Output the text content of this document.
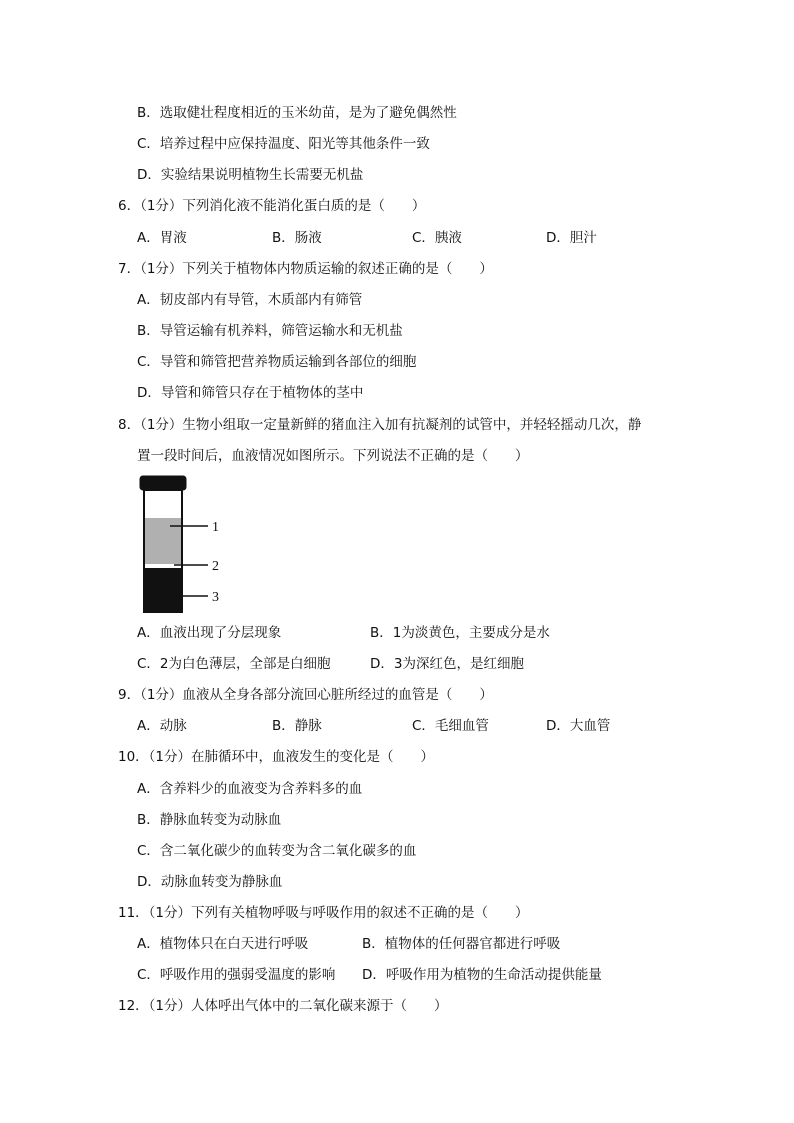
B．选取健壮程度相近的玉米幼苗，是为了避免偶然性
C．培养过程中应保持温度、阳光等其他条件一致
D．实验结果说明植物生长需要无机盐
6．（1分）下列消化液不能消化蛋白质的是（　　）
A．胃液	B．肠液	C．胰液	D．胆汁
7．（1分）下列关于植物体内物质运输的叙述正确的是（　　）
A．韧皮部内有导管，木质部内有筛管
B．导管运输有机养料，筛管运输水和无机盐
C．导管和筛管把营养物质运输到各部位的细胞
D．导管和筛管只存在于植物体的茎中
8．（1分）生物小组取一定量新鲜的猪血注入加有抗凝剂的试管中，并轻轻摇动几次，静
置一段时间后，血液情况如图所示。下列说法不正确的是（　　）
1
2
3
A．血液出现了分层现象	B．1为淡黄色，主要成分是水
C．2为白色薄层，全部是白细胞	D．3为深红色，是红细胞
9．（1分）血液从全身各部分流回心脏所经过的血管是（　　）
A．动脉	B．静脉	C．毛细血管	D．大血管
10．（1分）在肺循环中，血液发生的变化是（　　）
A．含养料少的血液变为含养料多的血
B．静脉血转变为动脉血
C．含二氧化碳少的血转变为含二氧化碳多的血
D．动脉血转变为静脉血
11．（1分）下列有关植物呼吸与呼吸作用的叙述不正确的是（　　）
A．植物体只在白天进行呼吸	B．植物体的任何器官都进行呼吸
C．呼吸作用的强弱受温度的影响 D．呼吸作用为植物的生命活动提供能量
12．（1分）人体呼出气体中的二氧化碳来源于（　　）
